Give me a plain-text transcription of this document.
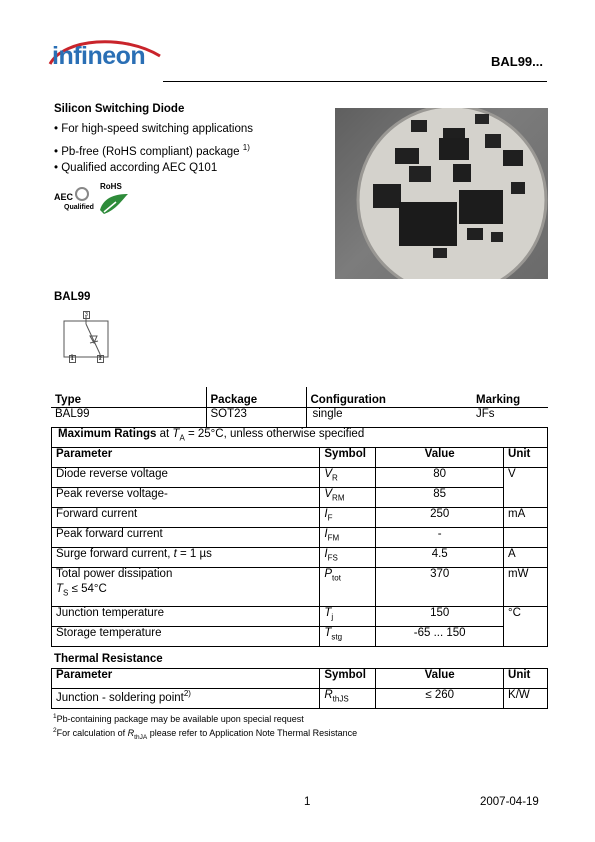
infineon	BAL99...
Silicon Switching Diode
• For high-speed switching applications
• Pb-free (RoHS compliant) package $^{1)}$
• Qualified according AEC Q101
AEC
Qualified
RoHS
BAL99
3
1	2
Type	Package	Configuration	Marking
BAL99	SOT23	single	JFs
Maximum Ratings at $T_A = 25^\circ C$, unless otherwise specified			
Parameter	Symbol	Value	Unit
Diode reverse voltage	$V_R$	80	V
Peak reverse voltage-	$V_{RM}$	85	
Forward current	$I_F$	250	mA
Peak forward current	$I_{FM}$	-	
Surge forward current, t = 1 µs	$I_{FS}$	4.5	A

Total power dissipation
$T_S \le 54^\circ C$	$P_{tot}$	370	mW
Junction temperature	$T_j$	150	°C
Storage temperature	$T_{stg}$	-65 ... 150	
Thermal Resistance
Parameter	Symbol	Value	Unit
Junction - soldering point$^{2)}$	$R_{thJS}$	≤ 260	K/W
$^1$Pb-containing package may be available upon special request
$^2$For calculation of $R_{thJA}$ please refer to Application Note Thermal Resistance
1	2007-04-19
